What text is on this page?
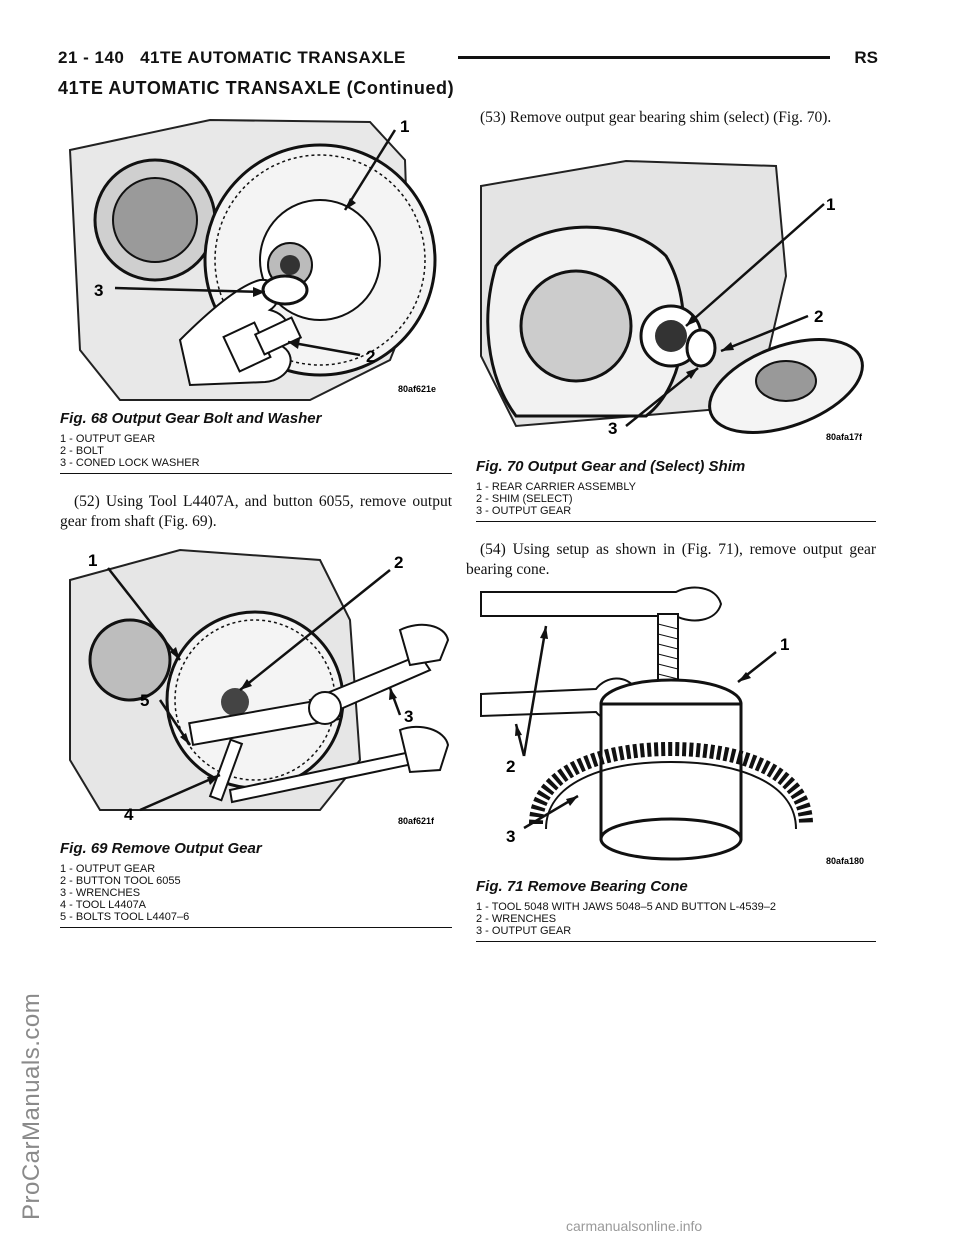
21 - 140 41TE AUTOMATIC TRANSAXLE	RS
41TE AUTOMATIC TRANSAXLE (Continued)
ProCarManuals.com
1
3
2
80af621e
Fig. 68 Output Gear Bolt and Washer
1 - OUTPUT GEAR
2 - BOLT
3 - CONED LOCK WASHER
(52) Using Tool L4407A, and button 6055, remove output gear from shaft (Fig. 69).
1	2
3
4
5
80af621f
Fig. 69 Remove Output Gear
1 - OUTPUT GEAR
2 - BUTTON TOOL 6055
3 - WRENCHES
4 - TOOL L4407A
5 - BOLTS TOOL L4407–6
(53) Remove output gear bearing shim (select) (Fig. 70).
1
2
3	80afa17f
Fig. 70 Output Gear and (Select) Shim
1 - REAR CARRIER ASSEMBLY
2 - SHIM (SELECT)
3 - OUTPUT GEAR
(54) Using setup as shown in (Fig. 71), remove output gear bearing cone.
1
2
3
80afa180
Fig. 71 Remove Bearing Cone
1 - TOOL 5048 WITH JAWS 5048–5 AND BUTTON L-4539–2
2 - WRENCHES
3 - OUTPUT GEAR
carmanualsonline.info
